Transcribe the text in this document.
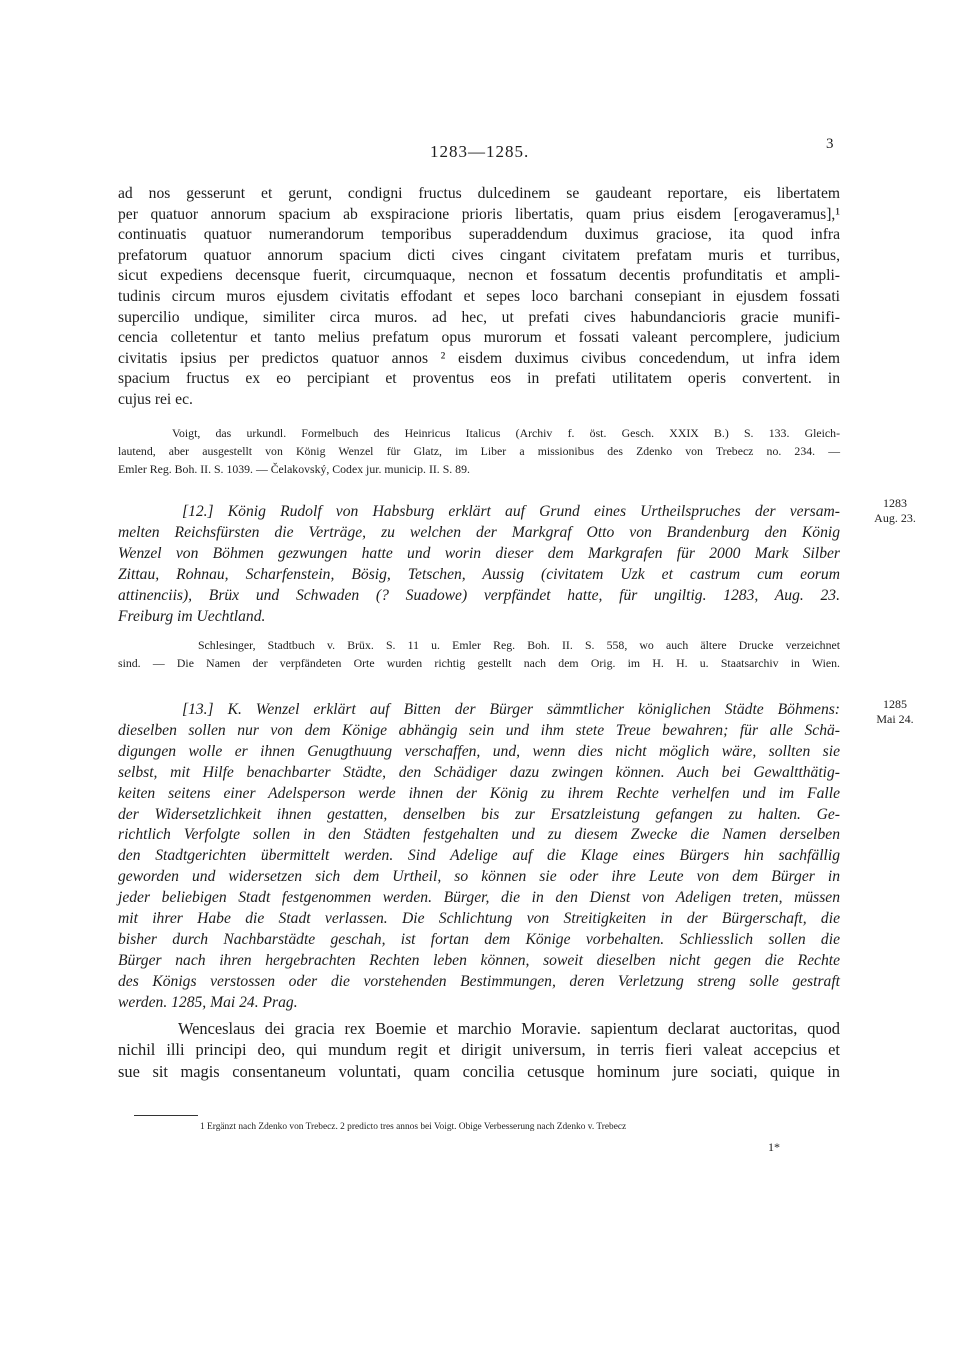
1283—1285.	3
ad nos gesserunt et gerunt, condigni fructus dulcedinem se gaudeant reportare, eis libertatem
per quatuor annorum spacium ab exspiracione prioris libertatis, quam prius eisdem [erogaveramus],¹
continuatis quatuor numerandorum temporibus superaddendum duximus graciose, ita quod infra
prefatorum quatuor annorum spacium dicti cives cingant civitatem prefatam muris et turribus,
sicut expediens decensque fuerit, circumquaque, necnon et fossatum decentis profunditatis et ampli-
tudinis circum muros ejusdem civitatis effodant et sepes loco barchani consepiant in ejusdem fossati
supercilio undique, similiter circa muros. ad hec, ut prefati cives habundancioris gracie munifi-
cencia colletentur et tanto melius prefatum opus murorum et fossati valeant percomplere, judicium
civitatis ipsius per predictos quatuor annos ² eisdem duximus civibus concedendum, ut infra idem
spacium fructus ex eo percipiant et proventus eos in prefati utilitatem operis convertent. in
cujus rei ec.
Voigt, das urkundl. Formelbuch des Heinricus Italicus (Archiv f. öst. Gesch. XXIX B.) S. 133. Gleich-
lautend, aber ausgestellt von König Wenzel für Glatz, im Liber a missionibus des Zdenko von Trebecz no. 234. —
Emler Reg. Boh. II. S. 1039. — Čelakovský, Codex jur. municip. II. S. 89.
1283
Aug. 23.
[12.] König Rudolf von Habsburg erklärt auf Grund eines Urtheilspruches der versam-
melten Reichsfürsten die Verträge, zu welchen der Markgraf Otto von Brandenburg den König
Wenzel von Böhmen gezwungen hatte und worin dieser dem Markgrafen für 2000 Mark Silber
Zittau, Rohnau, Scharfenstein, Bösig, Tetschen, Aussig (civitatem Uzk et castrum cum eorum
attinenciis), Brüx und Schwaden (? Suadowe) verpfändet hatte, für ungiltig. 1283, Aug. 23.
Freiburg im Uechtland.
Schlesinger, Stadtbuch v. Brüx. S. 11 u. Emler Reg. Boh. II. S. 558, wo auch ältere Drucke verzeichnet
sind. — Die Namen der verpfändeten Orte wurden richtig gestellt nach dem Orig. im H. H. u. Staatsarchiv in Wien.
1285
Mai 24.
[13.] K. Wenzel erklärt auf Bitten der Bürger sämmtlicher königlichen Städte Böhmens:
dieselben sollen nur von dem Könige abhängig sein und ihm stete Treue bewahren; für alle Schä-
digungen wolle er ihnen Genugthuung verschaffen, und, wenn dies nicht möglich wäre, sollten sie
selbst, mit Hilfe benachbarter Städte, den Schädiger dazu zwingen können. Auch bei Gewaltthätig-
keiten seitens einer Adelsperson werde ihnen der König zu ihrem Rechte verhelfen und im Falle
der Widersetzlichkeit ihnen gestatten, denselben bis zur Ersatzleistung gefangen zu halten. Ge-
richtlich Verfolgte sollen in den Städten festgehalten und zu diesem Zwecke die Namen derselben
den Stadtgerichten übermittelt werden. Sind Adelige auf die Klage eines Bürgers hin sachfällig
geworden und widersetzen sich dem Urtheil, so können sie oder ihre Leute von dem Bürger in
jeder beliebigen Stadt festgenommen werden. Bürger, die in den Dienst von Adeligen treten, müssen
mit ihrer Habe die Stadt verlassen. Die Schlichtung von Streitigkeiten in der Bürgerschaft, die
bisher durch Nachbarstädte geschah, ist fortan dem Könige vorbehalten. Schliesslich sollen die
Bürger nach ihren hergebrachten Rechten leben können, soweit dieselben nicht gegen die Rechte
des Königs verstossen oder die vorstehenden Bestimmungen, deren Verletzung streng solle gestraft
werden. 1285, Mai 24. Prag.
Wenceslaus dei gracia rex Boemie et marchio Moravie. sapientum declarat auctoritas, quod
nichil illi principi deo, qui mundum regit et dirigit universum, in terris fieri valeat accepcius et
sue sit magis consentaneum voluntati, quam concilia cetusque hominum jure sociati, quique in
1 Ergänzt nach Zdenko von Trebecz. 2 predicto tres annos bei Voigt. Obige Verbesserung nach Zdenko v. Trebecz
1*
